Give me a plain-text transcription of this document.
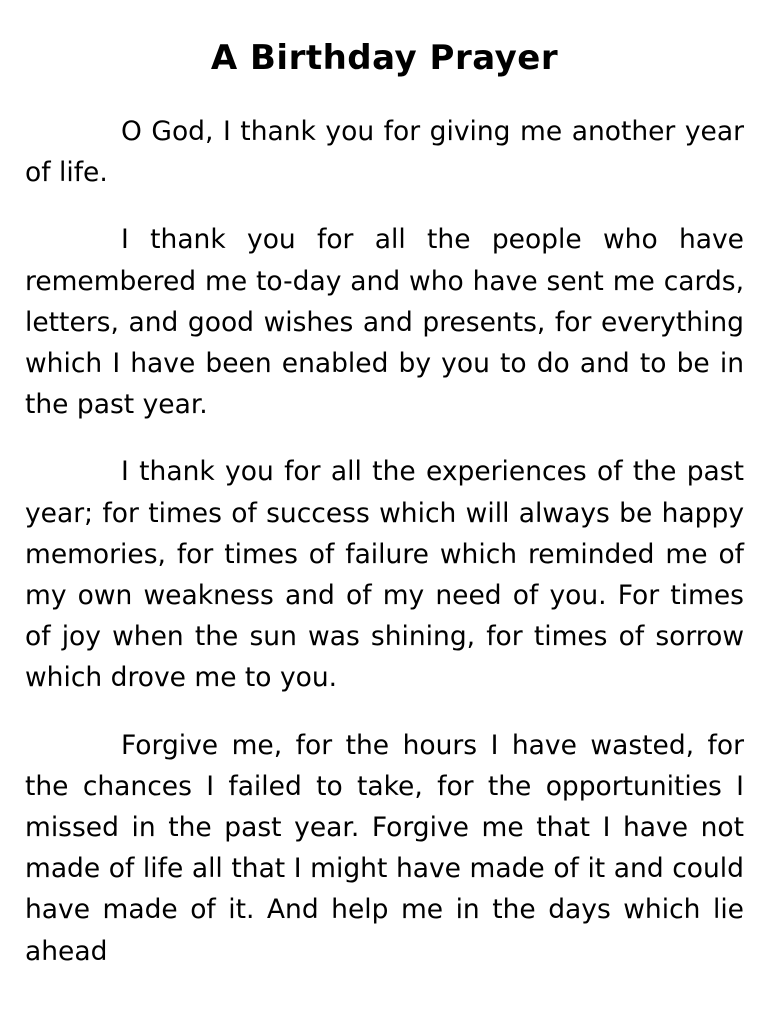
A Birthday Prayer

O God, I thank you for giving me another year of life.

I thank you for all the people who have remembered me to-day and who have sent me cards, letters, and good wishes and presents, for everything which I have been enabled by you to do and to be in the past year.

I thank you for all the experiences of the past year; for times of success which will always be happy memories, for times of failure which reminded me of my own weakness and of my need of you. For times of joy when the sun was shining, for times of sorrow which drove me to you.

Forgive me, for the hours I have wasted, for the chances I failed to take, for the opportunities I missed in the past year. Forgive me that I have not made of life all that I might have made of it and could have made of it. And help me in the days which lie ahead
